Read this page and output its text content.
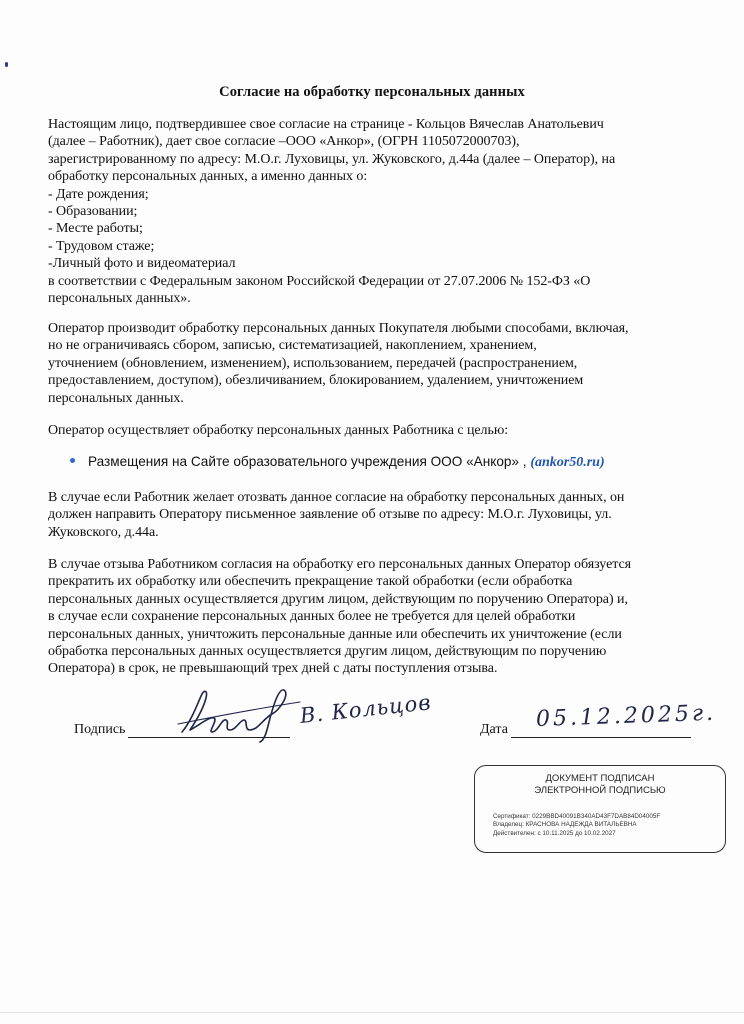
Согласие на обработку персональных данных
Настоящим лицо, подтвердившее свое согласие на странице - Кольцов Вячеслав Анатольевич
(далее – Работник), дает свое согласие –ООО «Анкор», (ОГРН 1105072000703),
зарегистрированному по адресу: М.О.г. Луховицы, ул. Жуковского, д.44а (далее – Оператор), на
обработку персональных данных, а именно данных о:
- Дате рождения;
- Образовании;
- Месте работы;
- Трудовом стаже;
-Личный фото и видеоматериал
в соответствии с Федеральным законом Российской Федерации от 27.07.2006 № 152-ФЗ «О
персональных данных».
Оператор производит обработку персональных данных Покупателя любыми способами, включая,
но не ограничиваясь сбором, записью, систематизацией, накоплением, хранением,
уточнением (обновлением, изменением), использованием, передачей (распространением,
предоставлением, доступом), обезличиванием, блокированием, удалением, уничтожением
персональных данных.
Оператор осуществляет обработку персональных данных Работника с целью:
Размещения на Сайте образовательного учреждения ООО «Анкор» , (ankor50.ru)
В случае если Работник желает отозвать данное согласие на обработку персональных данных, он
должен направить Оператору письменное заявление об отзыве по адресу: М.О.г. Луховицы, ул.
Жуковского, д.44а.
В случае отзыва Работником согласия на обработку его персональных данных Оператор обязуется
прекратить их обработку или обеспечить прекращение такой обработки (если обработка
персональных данных осуществляется другим лицом, действующим по поручению Оператора) и,
в случае если сохранение персональных данных более не требуется для целей обработки
персональных данных, уничтожить персональные данные или обеспечить их уничтожение (если
обработка персональных данных осуществляется другим лицом, действующим по поручению
Оператора) в срок, не превышающий трех дней с даты поступления отзыва.
Подпись
В. Кольцов
Дата 05.12.2025г.
ДОКУМЕНТ ПОДПИСАН
ЭЛЕКТРОННОЙ ПОДПИСЬЮ
Сертификат: 0229BBD40091B340AD43F7DAB84D04005F
Владелец: КРАСНОВА НАДЕЖДА ВИТАЛЬЕВНА
Действителен: с 10.11.2025 до 10.02.2027
